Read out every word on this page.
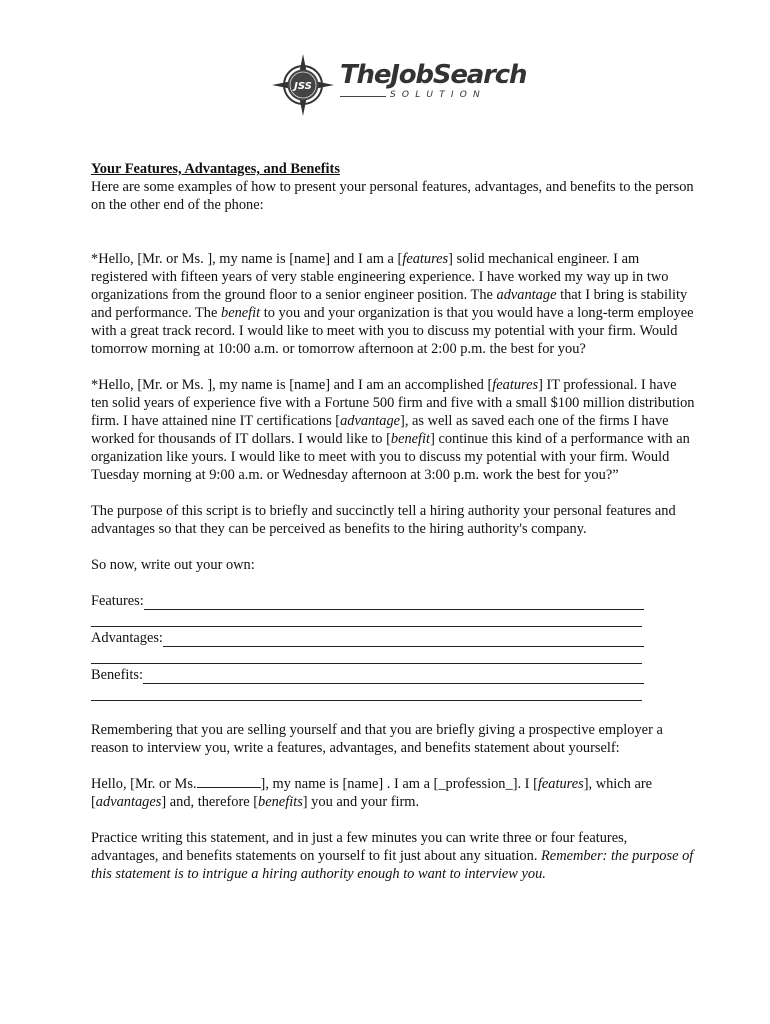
JSS TheJobSearch
SOLUTION

Your Features, Advantages, and Benefits

Here are some examples of how to present your personal features, advantages, and benefits to the person on the other end of the phone:

*Hello, [Mr. or Ms. ], my name is [name] and I am a [features] solid mechanical engineer. I am registered with fifteen years of very stable engineering experience. I have worked my way up in two organizations from the ground floor to a senior engineer position. The advantage that I bring is stability and performance. The benefit to you and your organization is that you would have a long-term employee with a great track record. I would like to meet with you to discuss my potential with your firm. Would tomorrow morning at 10:00 a.m. or tomorrow afternoon at 2:00 p.m. the best for you?

*Hello, [Mr. or Ms. ], my name is [name] and I am an accomplished [features] IT professional. I have ten solid years of experience five with a Fortune 500 firm and five with a small $100 million distribution firm. I have attained nine IT certifications [advantage], as well as saved each one of the firms I have worked for thousands of IT dollars. I would like to [benefit] continue this kind of a performance with an organization like yours. I would like to meet with you to discuss my potential with your firm. Would Tuesday morning at 9:00 a.m. or Wednesday afternoon at 3:00 p.m. work the best for you?”

The purpose of this script is to briefly and succinctly tell a hiring authority your personal features and advantages so that they can be perceived as benefits to the hiring authority's company.

So now, write out your own:

Features:
Advantages:
Benefits:

Remembering that you are selling yourself and that you are briefly giving a prospective employer a reason to interview you, write a features, advantages, and benefits statement about yourself:

Hello, [Mr. or Ms.	], my name is [name] . I am a [_profession_]. I [features], which are [advantages] and, therefore [benefits] you and your firm.

Practice writing this statement, and in just a few minutes you can write three or four features, advantages, and benefits statements on yourself to fit just about any situation. Remember: the purpose of this statement is to intrigue a hiring authority enough to want to interview you.
